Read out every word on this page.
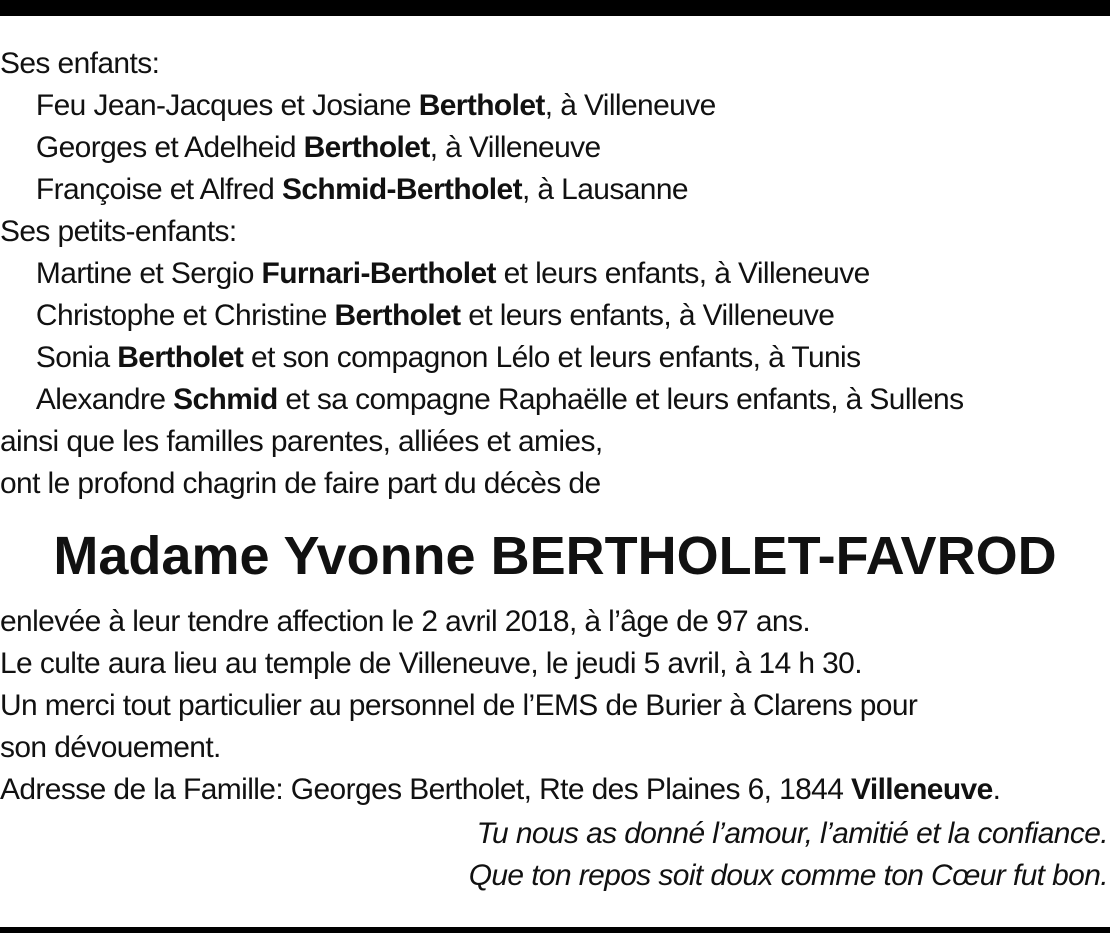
Ses enfants:
Feu Jean-Jacques et Josiane Bertholet, à Villeneuve
Georges et Adelheid Bertholet, à Villeneuve
Françoise et Alfred Schmid-Bertholet, à Lausanne
Ses petits-enfants:
Martine et Sergio Furnari-Bertholet et leurs enfants, à Villeneuve
Christophe et Christine Bertholet et leurs enfants, à Villeneuve
Sonia Bertholet et son compagnon Lélo et leurs enfants, à Tunis
Alexandre Schmid et sa compagne Raphaëlle et leurs enfants, à Sullens
ainsi que les familles parentes, alliées et amies,
ont le profond chagrin de faire part du décès de
Madame Yvonne BERTHOLET-FAVROD
enlevée à leur tendre affection le 2 avril 2018, à l’âge de 97 ans.
Le culte aura lieu au temple de Villeneuve, le jeudi 5 avril, à 14 h 30.
Un merci tout particulier au personnel de l’EMS de Burier à Clarens pour
son dévouement.
Adresse de la Famille: Georges Bertholet, Rte des Plaines 6, 1844 Villeneuve.
Tu nous as donné l’amour, l’amitié et la confiance.
Que ton repos soit doux comme ton Cœur fut bon.
